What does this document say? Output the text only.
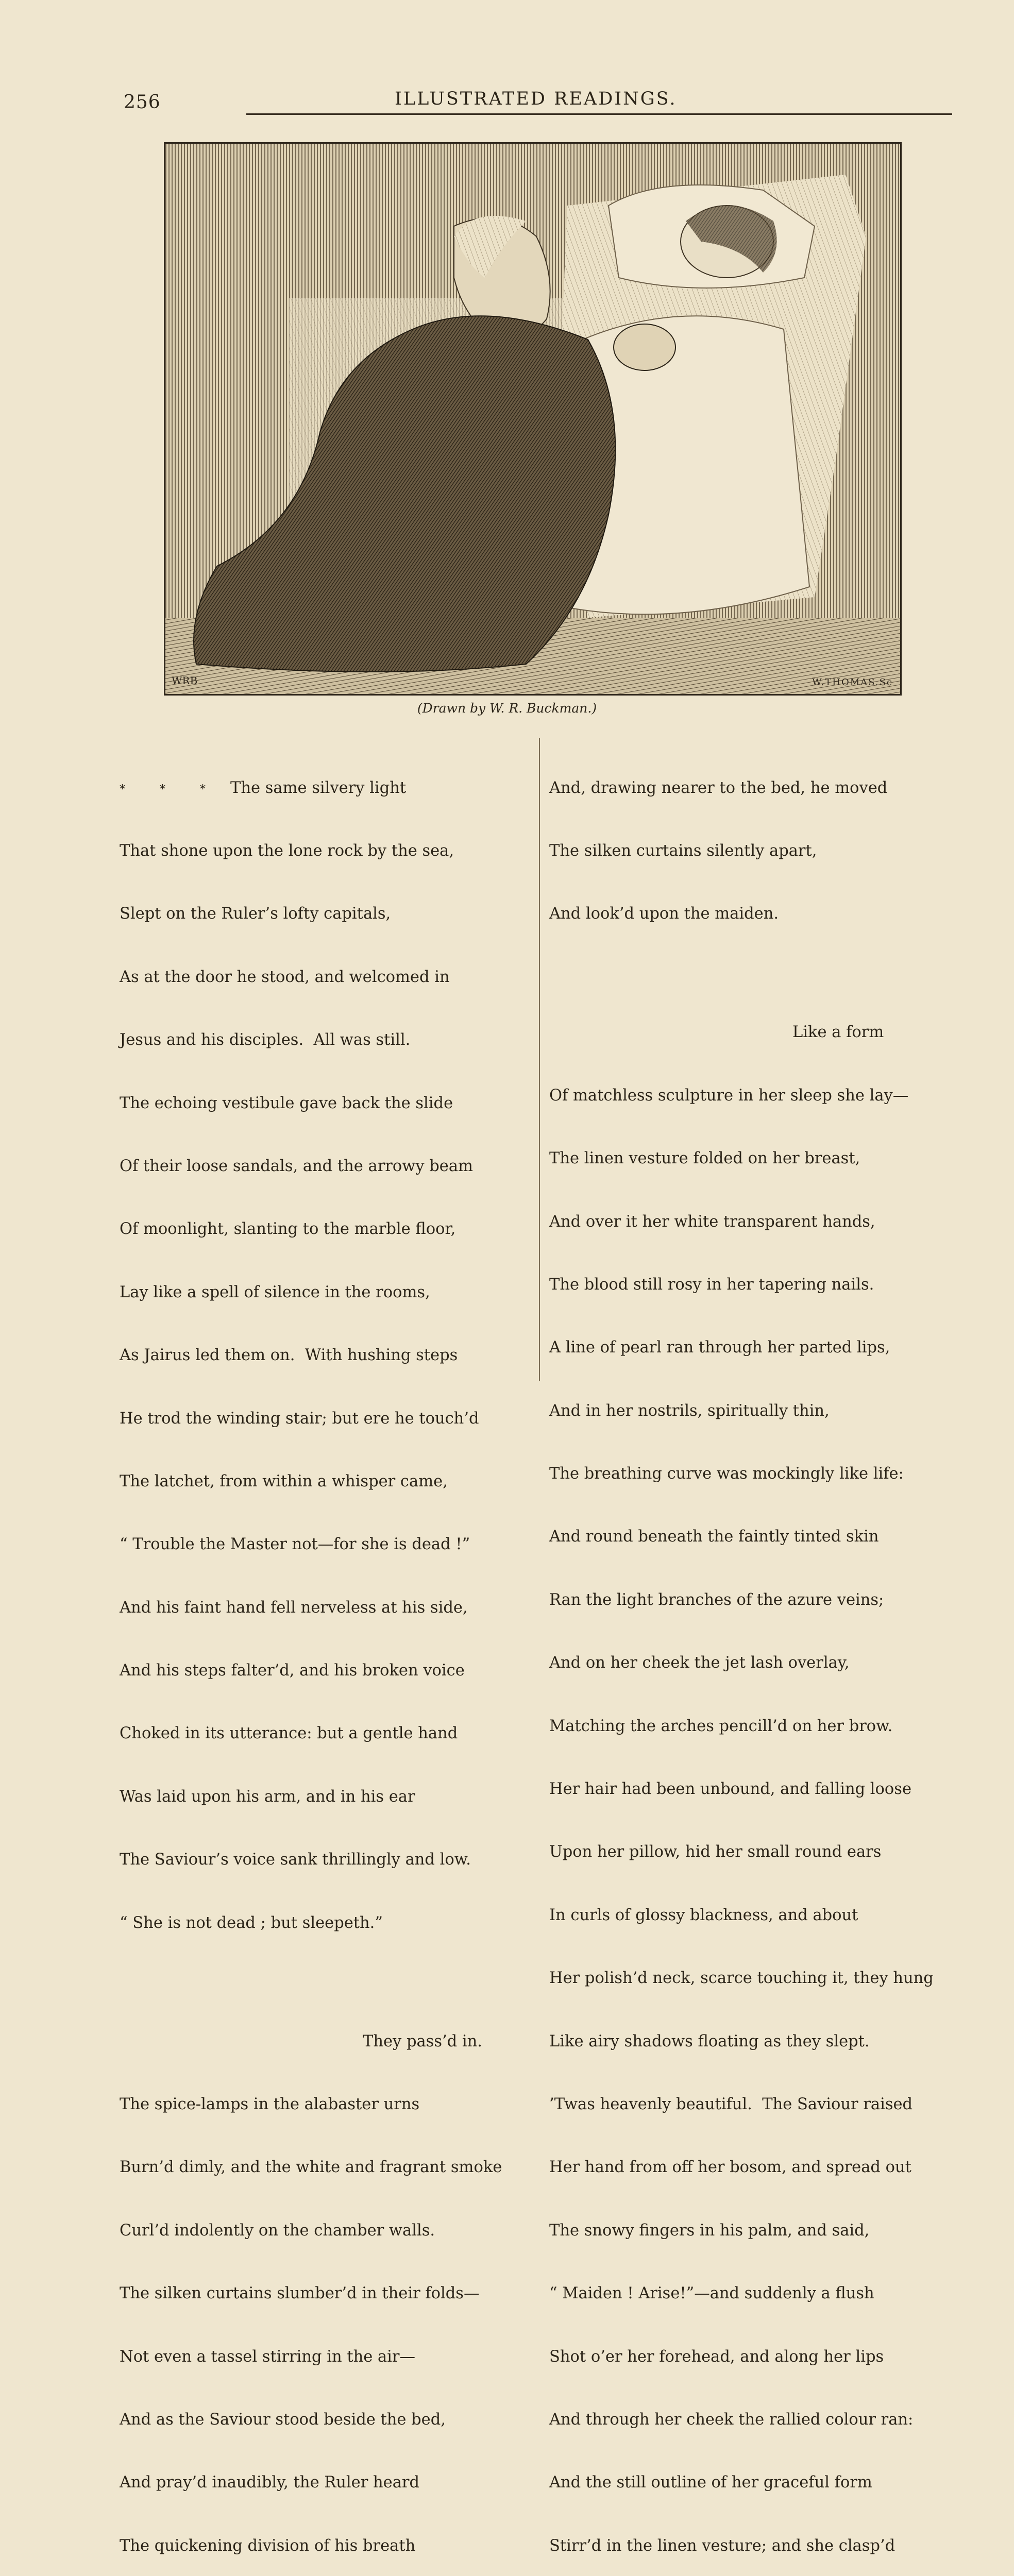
256	ILLUSTRATED READINGS.
WRB	W.THOMAS.Sc
(Drawn by W. R. Buckman.)

* * * The same silvery light

That shone upon the lone rock by the sea,

Slept on the Ruler’s lofty capitals,

As at the door he stood, and welcomed in

Jesus and his disciples.  All was still.

The echoing vestibule gave back the slide

Of their loose sandals, and the arrowy beam

Of moonlight, slanting to the marble floor,

Lay like a spell of silence in the rooms,

As Jairus led them on.  With hushing steps

He trod the winding stair; but ere he touch’d

The latchet, from within a whisper came,

“ Trouble the Master not—for she is dead !”

And his faint hand fell nerveless at his side,

And his steps falter’d, and his broken voice

Choked in its utterance: but a gentle hand

Was laid upon his arm, and in his ear

The Saviour’s voice sank thrillingly and low.

“ She is not dead ; but sleepeth.”

They pass’d in.

The spice-lamps in the alabaster urns

Burn’d dimly, and the white and fragrant smoke

Curl’d indolently on the chamber walls.

The silken curtains slumber’d in their folds—

Not even a tassel stirring in the air—

And as the Saviour stood beside the bed,

And pray’d inaudibly, the Ruler heard

The quickening division of his breath

And, drawing nearer to the bed, he moved

The silken curtains silently apart,

And look’d upon the maiden.

Like a form

Of matchless sculpture in her sleep she lay—

The linen vesture folded on her breast,

And over it her white transparent hands,

The blood still rosy in her tapering nails.

A line of pearl ran through her parted lips,

And in her nostrils, spiritually thin,

The breathing curve was mockingly like life:

And round beneath the faintly tinted skin

Ran the light branches of the azure veins;

And on her cheek the jet lash overlay,

Matching the arches pencill’d on her brow.

Her hair had been unbound, and falling loose

Upon her pillow, hid her small round ears

In curls of glossy blackness, and about

Her polish’d neck, scarce touching it, they hung

Like airy shadows floating as they slept.

’Twas heavenly beautiful.  The Saviour raised

Her hand from off her bosom, and spread out

The snowy fingers in his palm, and said,

“ Maiden ! Arise!”—and suddenly a flush

Shot o’er her forehead, and along her lips

And through her cheek the rallied colour ran:

And the still outline of her graceful form

Stirr’d in the linen vesture; and she clasp’d
